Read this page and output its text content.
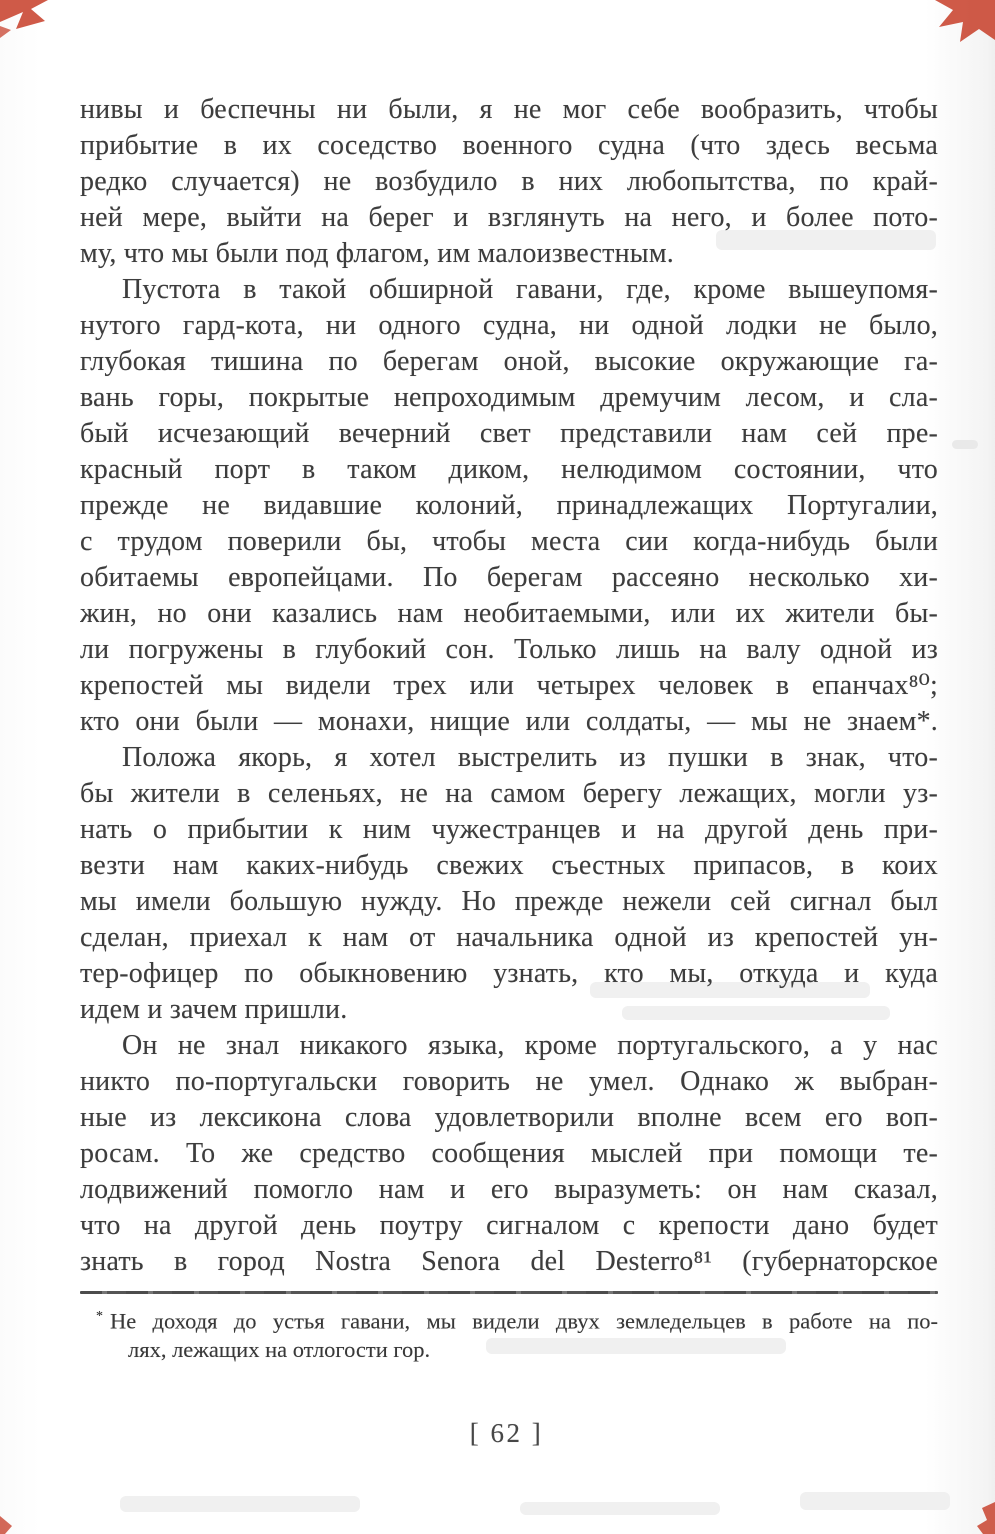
нивы и беспечны ни были, я не мог себе вообразить, чтобы
прибытие в их соседство военного судна (что здесь весьма
редко случается) не возбудило в них любопытства, по край-
ней мере, выйти на берег и взглянуть на него, и более пото-
му, что мы были под флагом, им малоизвестным.
Пустота в такой обширной гавани, где, кроме вышеупомя-
нутого гард-кота, ни одного судна, ни одной лодки не было,
глубокая тишина по берегам оной, высокие окружающие га-
вань горы, покрытые непроходимым дремучим лесом, и сла-
бый исчезающий вечерний свет представили нам сей пре-
красный порт в таком диком, нелюдимом состоянии, что
прежде не видавшие колоний, принадлежащих Португалии,
с трудом поверили бы, чтобы места сии когда-нибудь были
обитаемы европейцами. По берегам рассеяно несколько хи-
жин, но они казались нам необитаемыми, или их жители бы-
ли погружены в глубокий сон. Только лишь на валу одной из
крепостей мы видели трех или четырех человек в епанчах⁸⁰;
кто они были — монахи, нищие или солдаты, — мы не знаем*.
Положа якорь, я хотел выстрелить из пушки в знак, что-
бы жители в селеньях, не на самом берегу лежащих, могли уз-
нать о прибытии к ним чужестранцев и на другой день при-
везти нам каких-нибудь свежих съестных припасов, в коих
мы имели большую нужду. Но прежде нежели сей сигнал был
сделан, приехал к нам от начальника одной из крепостей ун-
тер-офицер по обыкновению узнать, кто мы, откуда и куда
идем и зачем пришли.
Он не знал никакого языка, кроме португальского, а у нас
никто по-португальски говорить не умел. Однако ж выбран-
ные из лексикона слова удовлетворили вполне всем его воп-
росам. То же средство сообщения мыслей при помощи те-
лодвижений помогло нам и его выразуметь: он нам сказал,
что на другой день поутру сигналом с крепости дано будет
знать в город Nostra Senora del Desterro⁸¹ (губернаторское
* Не доходя до устья гавани, мы видели двух земледельцев в работе на по-
лях, лежащих на отлогости гор.
[ 62 ]
